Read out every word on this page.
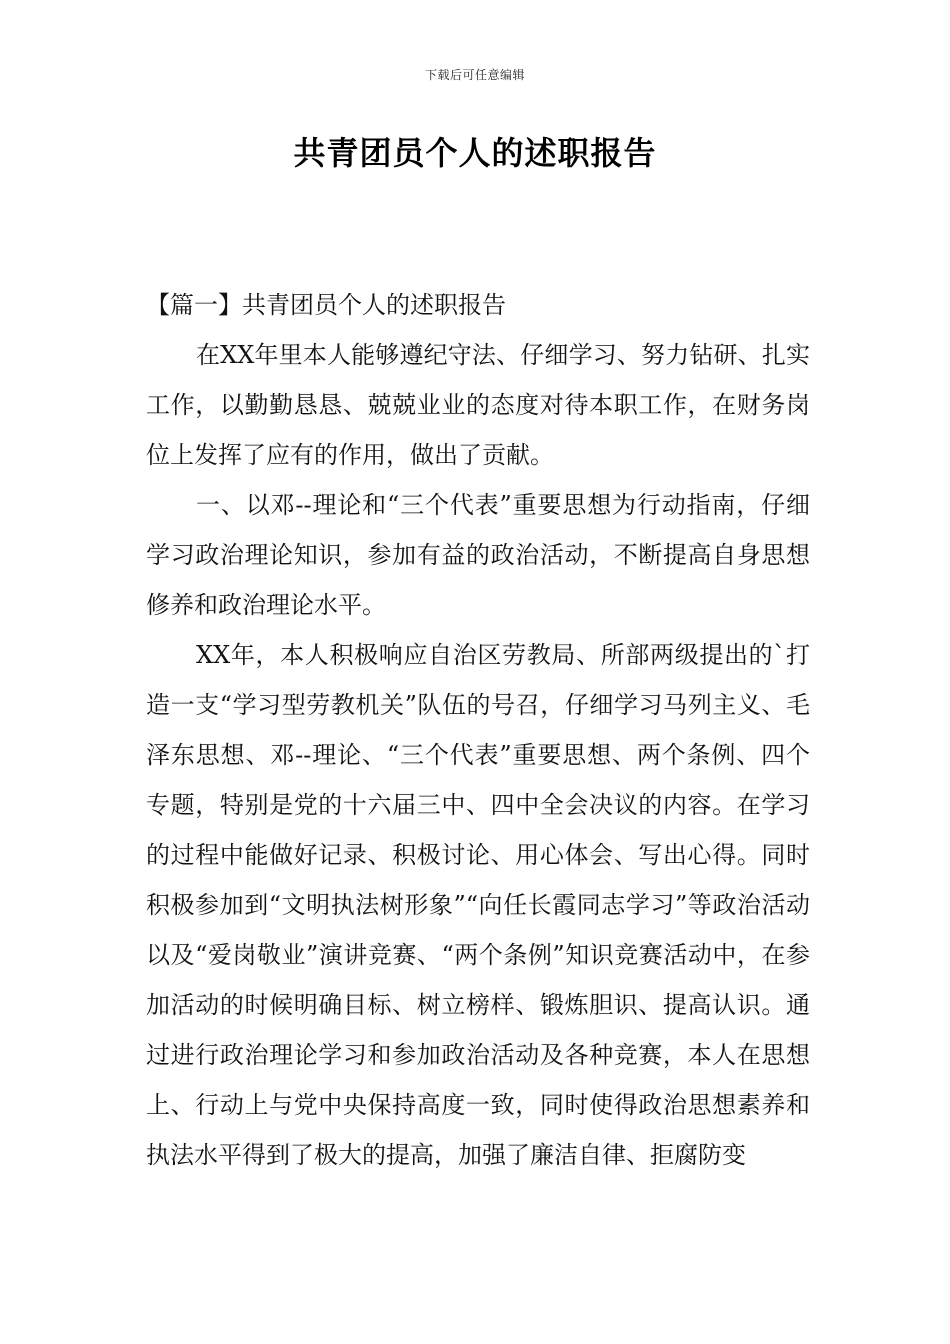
下载后可任意编辑
共青团员个人的述职报告

【篇一】共青团员个人的述职报告

在XX年里本人能够遵纪守法、仔细学习、努力钻研、扎实工作，以勤勤恳恳、兢兢业业的态度对待本职工作，在财务岗位上发挥了应有的作用，做出了贡献。

一、以邓--理论和“三个代表”重要思想为行动指南，仔细学习政治理论知识，参加有益的政治活动，不断提高自身思想修养和政治理论水平。

XX年，本人积极响应自治区劳教局、所部两级提出的`打造一支“学习型劳教机关”队伍的号召，仔细学习马列主义、毛泽东思想、邓--理论、“三个代表”重要思想、两个条例、四个专题，特别是党的十六届三中、四中全会决议的内容。在学习的过程中能做好记录、积极讨论、用心体会、写出心得。同时积极参加到“文明执法树形象”“向任长霞同志学习”等政治活动以及“爱岗敬业”演讲竞赛、“两个条例”知识竞赛活动中，在参加活动的时候明确目标、树立榜样、锻炼胆识、提高认识。通过进行政治理论学习和参加政治活动及各种竞赛，本人在思想上、行动上与党中央保持高度一致，同时使得政治思想素养和执法水平得到了极大的提高，加强了廉洁自律、拒腐防变
